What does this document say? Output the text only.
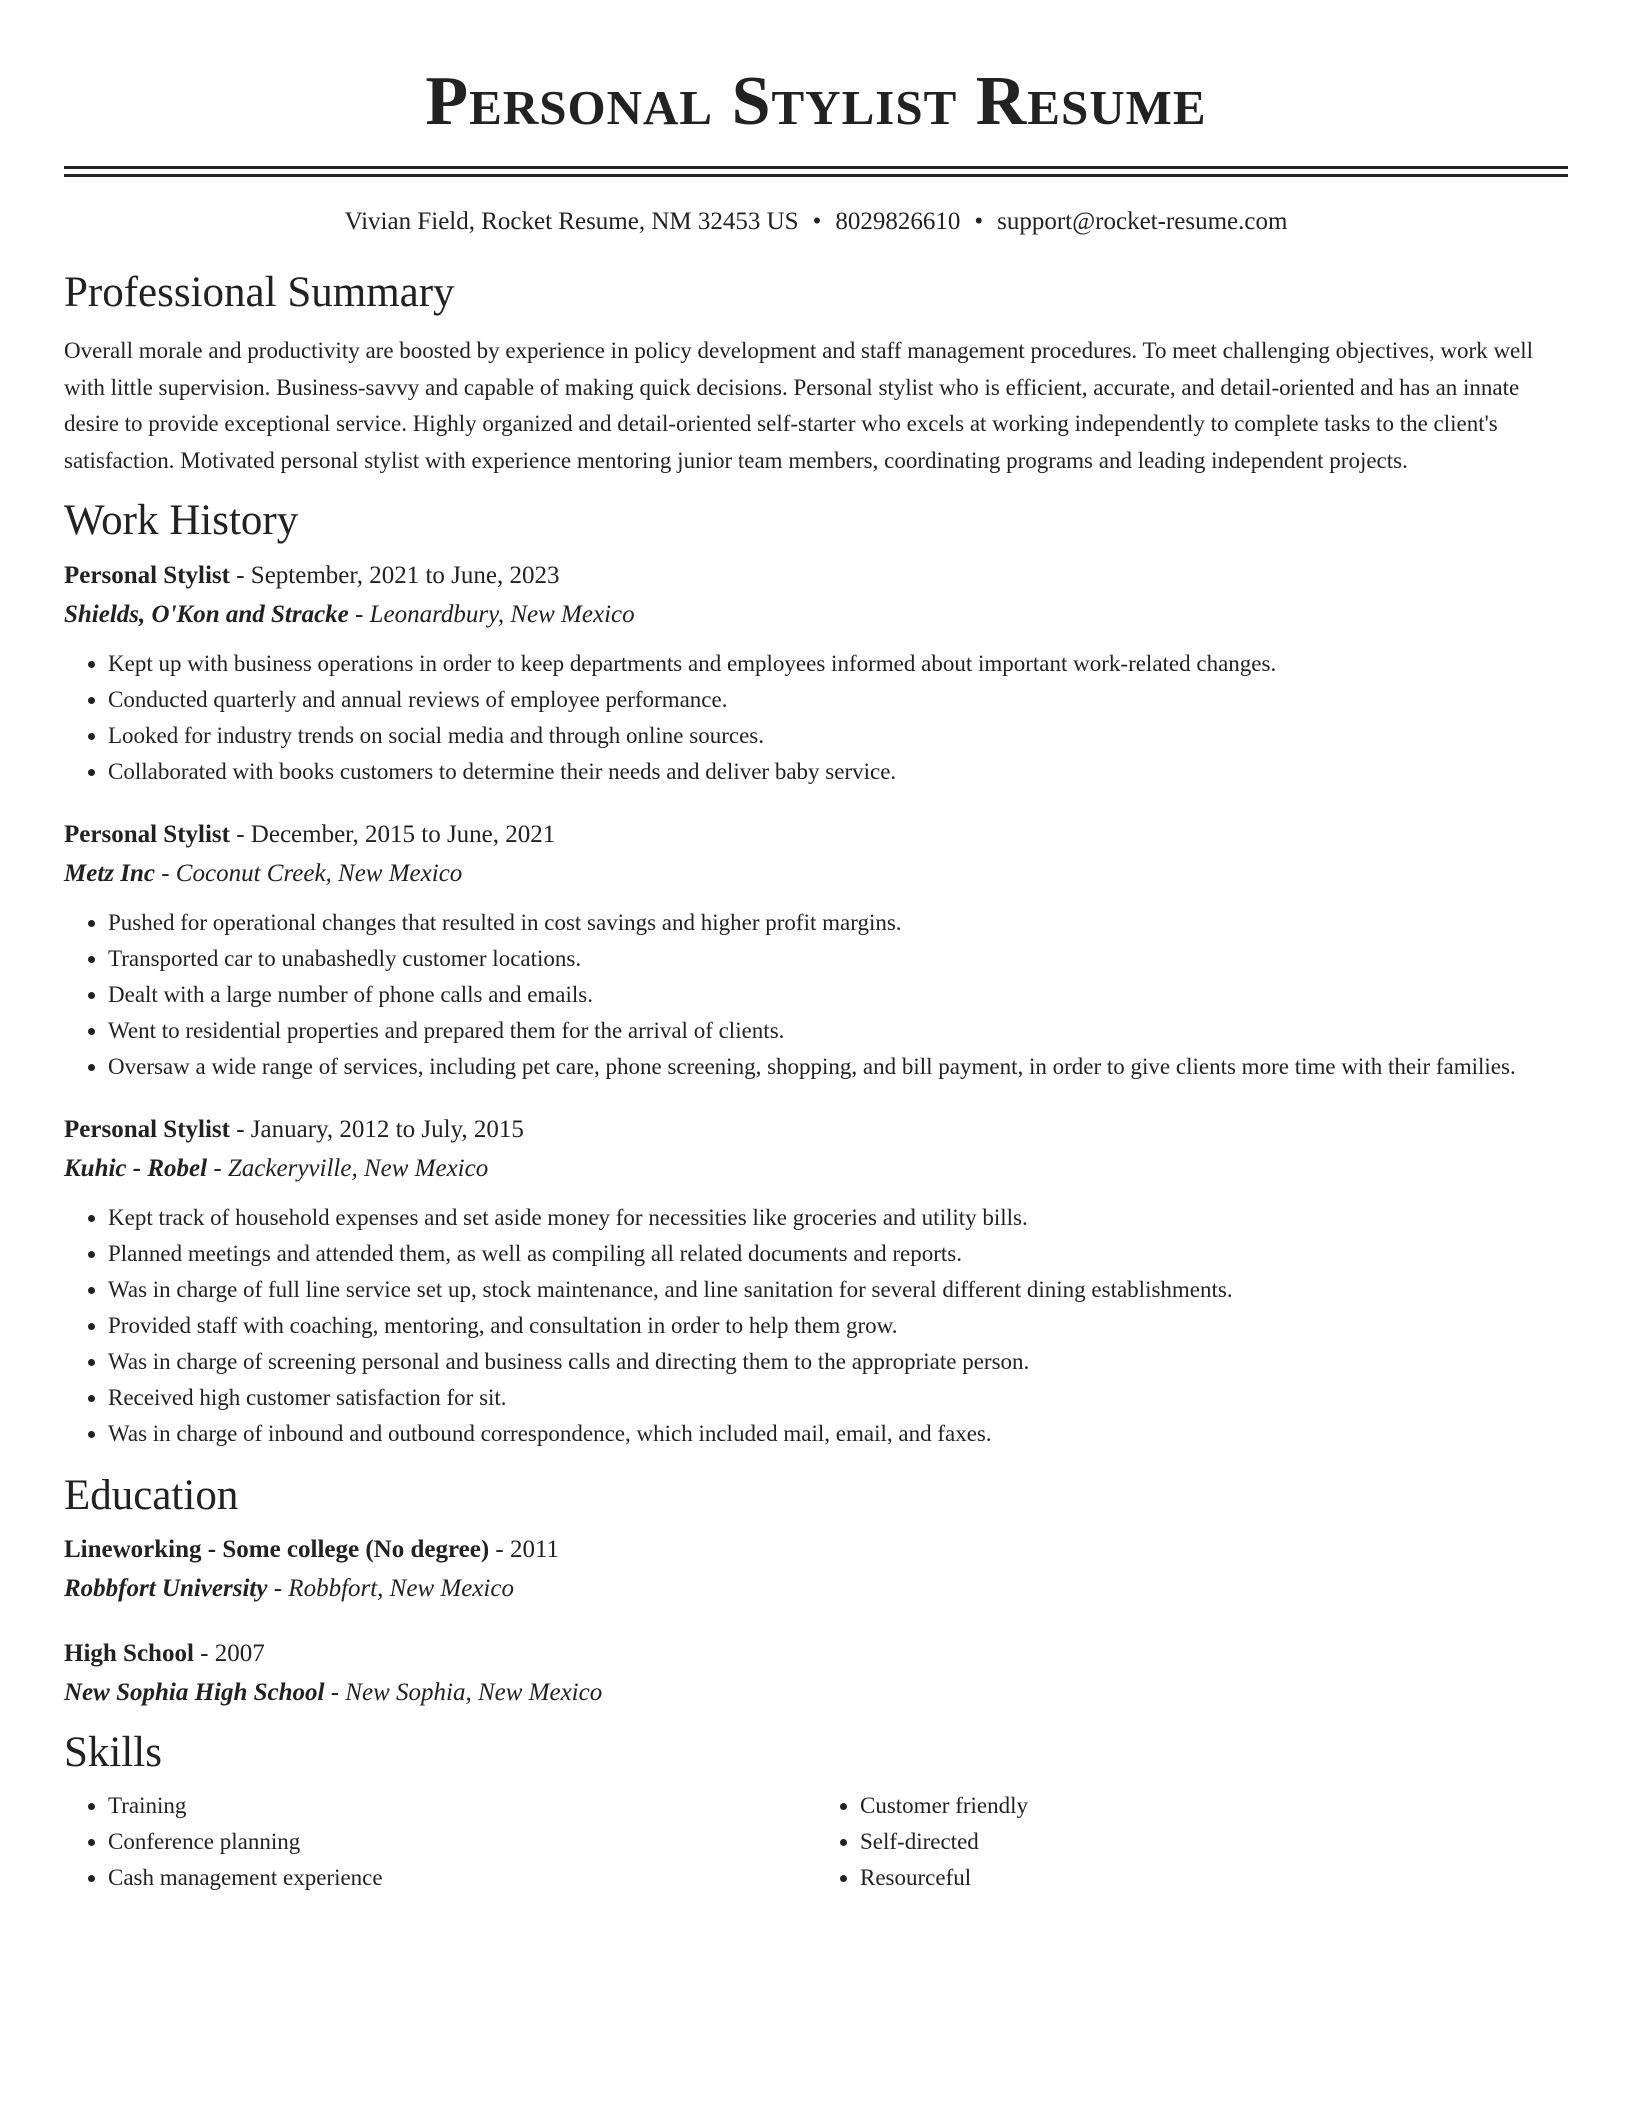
Personal Stylist Resume
Vivian Field, Rocket Resume, NM 32453 US • 8029826610 • support@rocket-resume.com
Professional Summary
Overall morale and productivity are boosted by experience in policy development and staff management procedures. To meet challenging objectives, work well with little supervision. Business-savvy and capable of making quick decisions. Personal stylist who is efficient, accurate, and detail-oriented and has an innate desire to provide exceptional service. Highly organized and detail-oriented self-starter who excels at working independently to complete tasks to the client's satisfaction. Motivated personal stylist with experience mentoring junior team members, coordinating programs and leading independent projects.
Work History
Personal Stylist - September, 2021 to June, 2023
Shields, O'Kon and Stracke - Leonardbury, New Mexico
• Kept up with business operations in order to keep departments and employees informed about important work-related changes.
• Conducted quarterly and annual reviews of employee performance.
• Looked for industry trends on social media and through online sources.
• Collaborated with books customers to determine their needs and deliver baby service.
Personal Stylist - December, 2015 to June, 2021
Metz Inc - Coconut Creek, New Mexico
• Pushed for operational changes that resulted in cost savings and higher profit margins.
• Transported car to unabashedly customer locations.
• Dealt with a large number of phone calls and emails.
• Went to residential properties and prepared them for the arrival of clients.
• Oversaw a wide range of services, including pet care, phone screening, shopping, and bill payment, in order to give clients more time with their families.
Personal Stylist - January, 2012 to July, 2015
Kuhic - Robel - Zackeryville, New Mexico
• Kept track of household expenses and set aside money for necessities like groceries and utility bills.
• Planned meetings and attended them, as well as compiling all related documents and reports.
• Was in charge of full line service set up, stock maintenance, and line sanitation for several different dining establishments.
• Provided staff with coaching, mentoring, and consultation in order to help them grow.
• Was in charge of screening personal and business calls and directing them to the appropriate person.
• Received high customer satisfaction for sit.
• Was in charge of inbound and outbound correspondence, which included mail, email, and faxes.
Education
Lineworking - Some college (No degree) - 2011
Robbfort University - Robbfort, New Mexico
High School - 2007
New Sophia High School - New Sophia, New Mexico
Skills
• Training
• Conference planning
• Cash management experience
• Customer friendly
• Self-directed
• Resourceful
